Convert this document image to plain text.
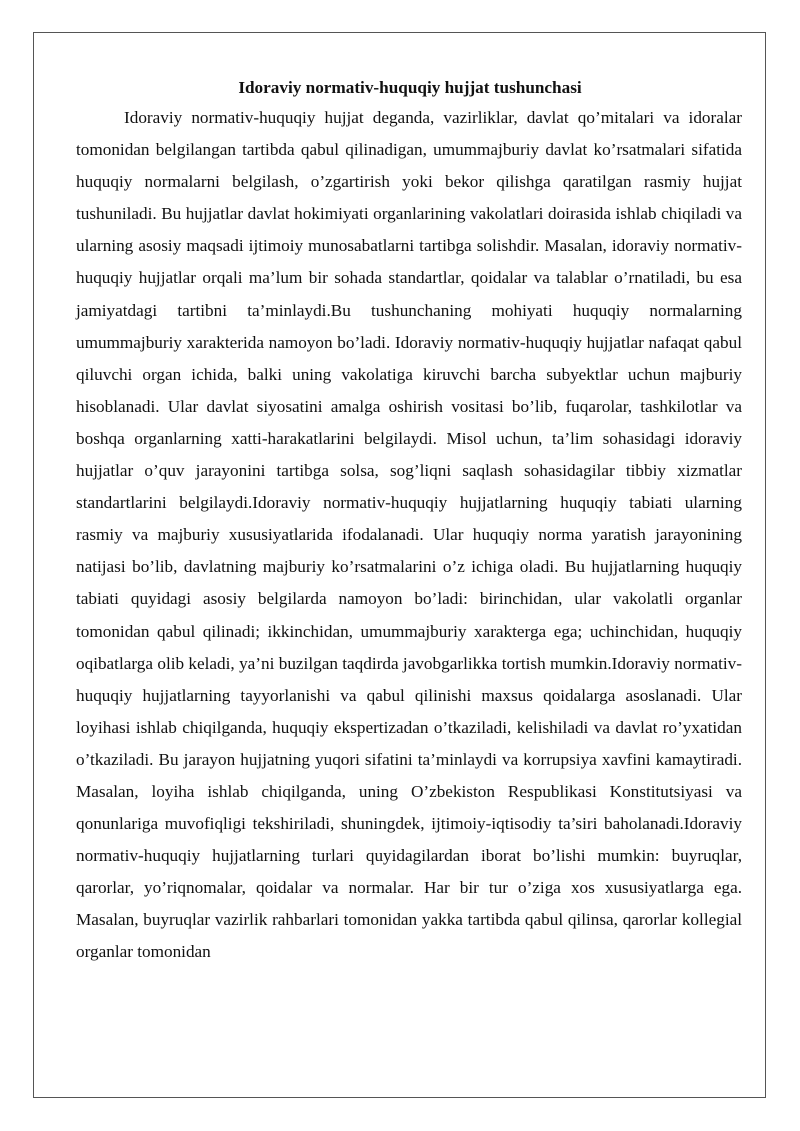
Idoraviy normativ-huquqiy hujjat tushunchasi

Idoraviy normativ-huquqiy hujjat deganda, vazirliklar, davlat qo’mitalari va idoralar tomonidan belgilangan tartibda qabul qilinadigan, umummajburiy davlat ko’rsatmalari sifatida huquqiy normalarni belgilash, o’zgartirish yoki bekor qilishga qaratilgan rasmiy hujjat tushuniladi. Bu hujjatlar davlat hokimiyati organlarining vakolatlari doirasida ishlab chiqiladi va ularning asosiy maqsadi ijtimoiy munosabatlarni tartibga solishdir. Masalan, idoraviy normativ-huquqiy hujjatlar orqali ma’lum bir sohada standartlar, qoidalar va talablar o’rnatiladi, bu esa jamiyatdagi tartibni ta’minlaydi.Bu tushunchaning mohiyati huquqiy normalarning umummajburiy xarakterida namoyon bo’ladi. Idoraviy normativ-huquqiy hujjatlar nafaqat qabul qiluvchi organ ichida, balki uning vakolatiga kiruvchi barcha subyektlar uchun majburiy hisoblanadi. Ular davlat siyosatini amalga oshirish vositasi bo’lib, fuqarolar, tashkilotlar va boshqa organlarning xatti-harakatlarini belgilaydi. Misol uchun, ta’lim sohasidagi idoraviy hujjatlar o’quv jarayonini tartibga solsa, sog’liqni saqlash sohasidagilar tibbiy xizmatlar standartlarini belgilaydi.Idoraviy normativ-huquqiy hujjatlarning huquqiy tabiati ularning rasmiy va majburiy xususiyatlarida ifodalanadi. Ular huquqiy norma yaratish jarayonining natijasi bo’lib, davlatning majburiy ko’rsatmalarini o’z ichiga oladi. Bu hujjatlarning huquqiy tabiati quyidagi asosiy belgilarda namoyon bo’ladi: birinchidan, ular vakolatli organlar tomonidan qabul qilinadi; ikkinchidan, umummajburiy xarakterga ega; uchinchidan, huquqiy oqibatlarga olib keladi, ya’ni buzilgan taqdirda javobgarlikka tortish mumkin.Idoraviy normativ-huquqiy hujjatlarning tayyorlanishi va qabul qilinishi maxsus qoidalarga asoslanadi. Ular loyihasi ishlab chiqilganda, huquqiy ekspertizadan o’tkaziladi, kelishiladi va davlat ro’yxatidan o’tkaziladi. Bu jarayon hujjatning yuqori sifatini ta’minlaydi va korrupsiya xavfini kamaytiradi. Masalan, loyiha ishlab chiqilganda, uning O’zbekiston Respublikasi Konstitutsiyasi va qonunlariga muvofiqligi tekshiriladi, shuningdek, ijtimoiy-iqtisodiy ta’siri baholanadi.Idoraviy normativ-huquqiy hujjatlarning turlari quyidagilardan iborat bo’lishi mumkin: buyruqlar, qarorlar, yo’riqnomalar, qoidalar va normalar. Har bir tur o’ziga xos xususiyatlarga ega. Masalan, buyruqlar vazirlik rahbarlari tomonidan yakka tartibda qabul qilinsa, qarorlar kollegial organlar tomonidan
